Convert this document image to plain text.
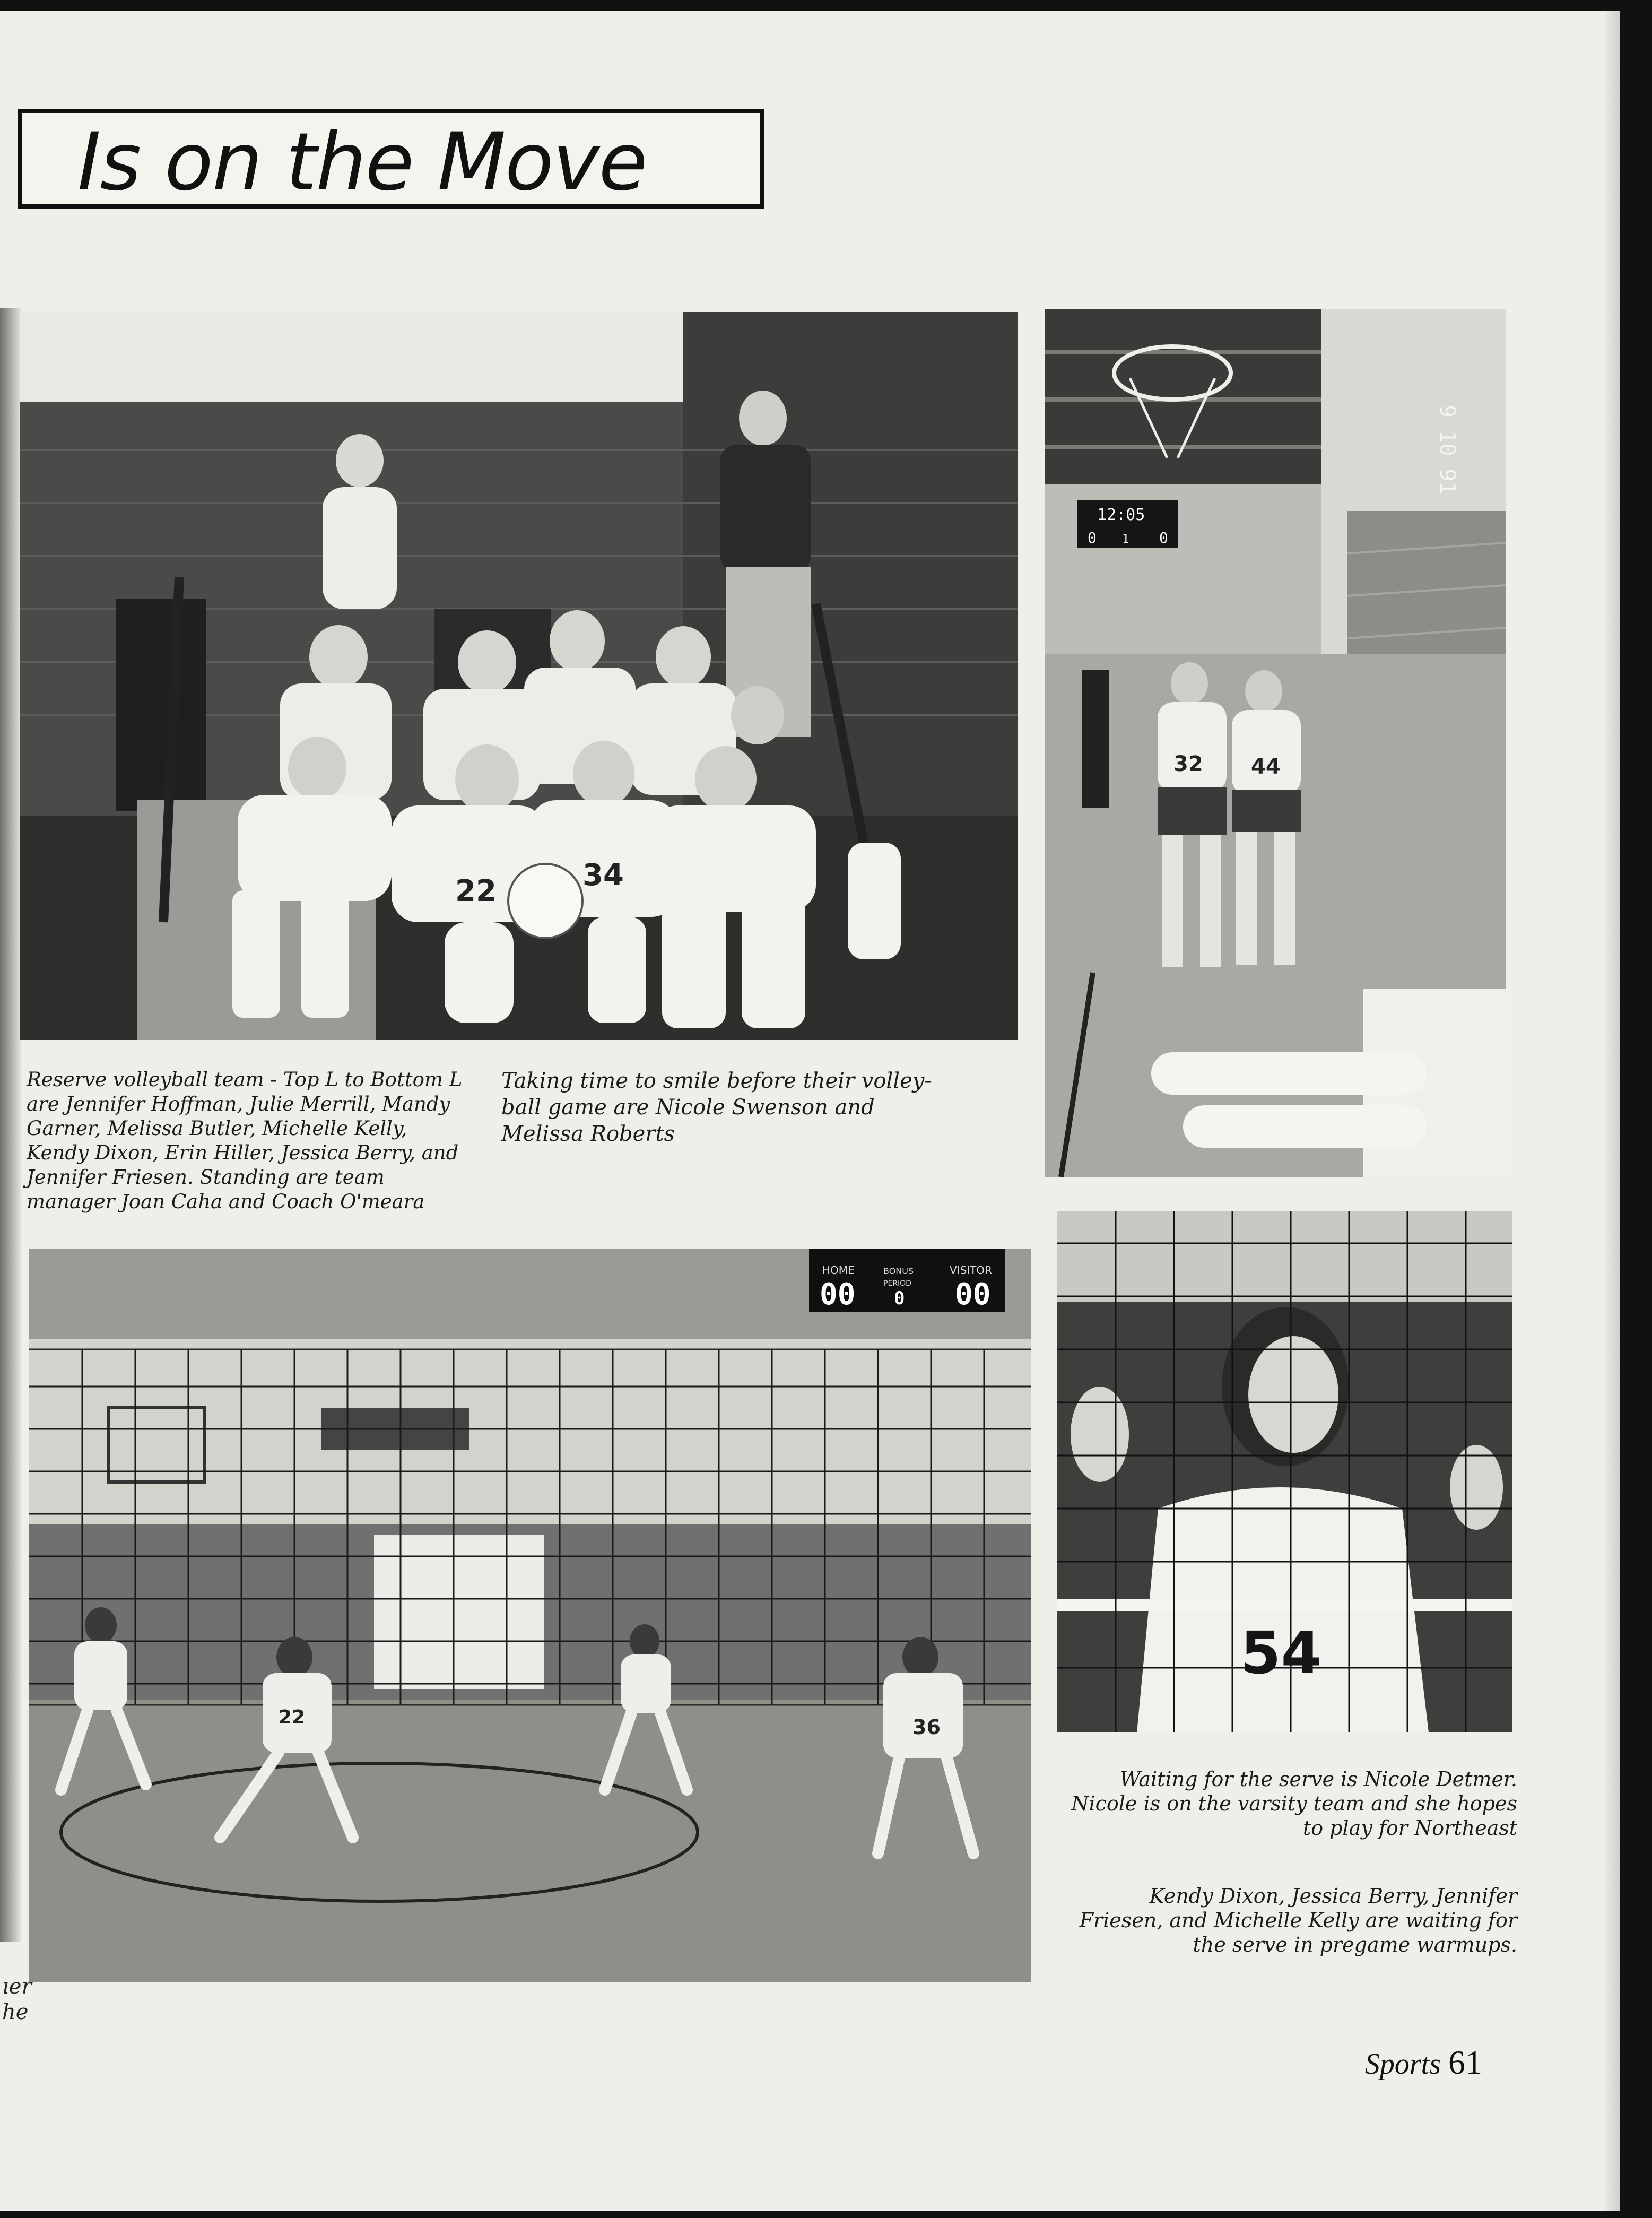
Is on the Move
22	34
12:05
0 1 0
9 10 91
32 44

Reserve volleyball team - Top L to Bottom L are Jennifer Hoffman, Julie Merrill, Mandy Garner, Melissa Butler, Michelle Kelly, Kendy Dixon, Erin Hiller, Jessica Berry, and Jennifer Friesen. Standing are team manager Joan Caha and Coach O'meara

Taking time to smile before their volley-ball game are Nicole Swenson and Melissa Roberts

HOME	BONUS	VISITOR
PERIOD
00 0 00
22	36
54

Waiting for the serve is Nicole Detmer. Nicole is on the varsity team and she hopes to play for Northeast

Kendy Dixon, Jessica Berry, Jennifer Friesen, and Michelle Kelly are waiting for the serve in pregame warmups.

Sports 61
ıer
he
